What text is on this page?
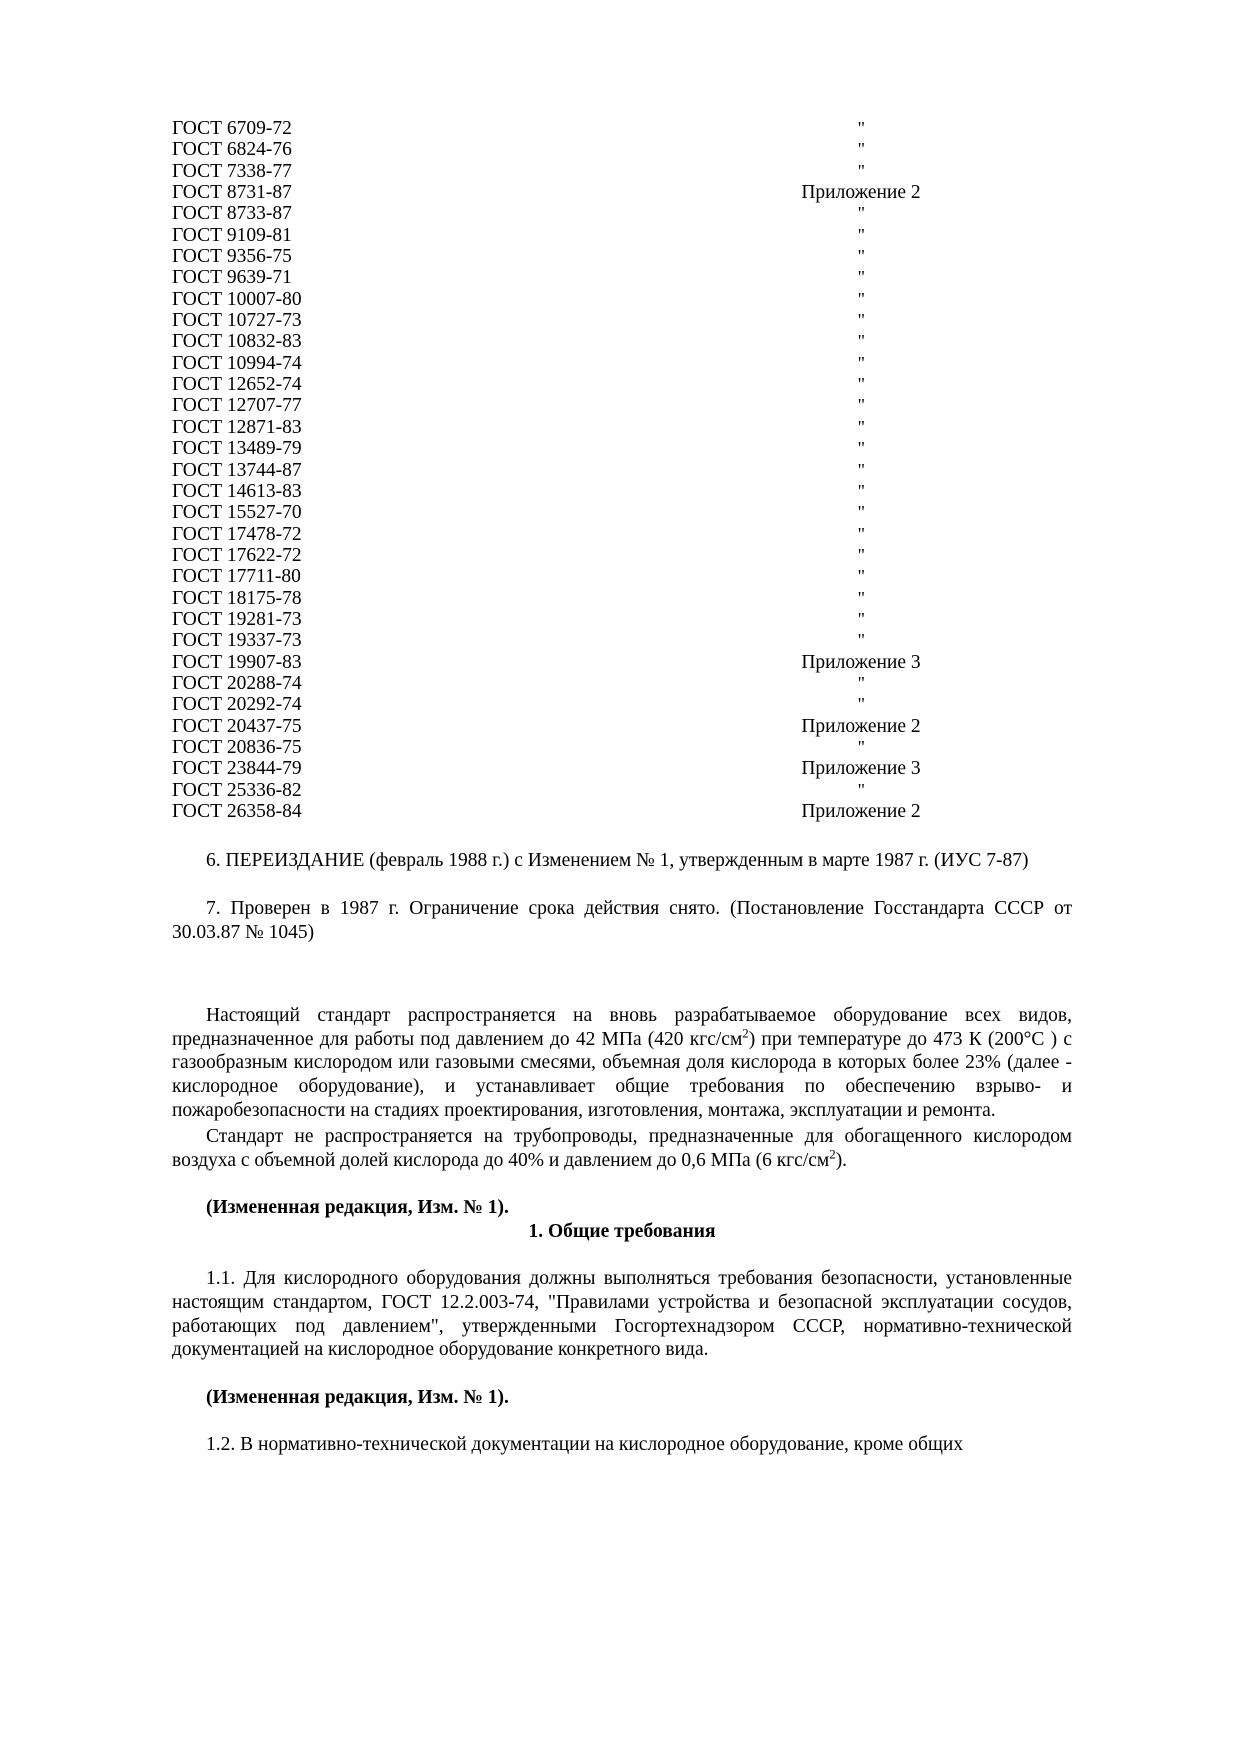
ГОСТ 6709-72	"
ГОСТ 6824-76	"
ГОСТ 7338-77	"
ГОСТ 8731-87	Приложение 2
ГОСТ 8733-87	"
ГОСТ 9109-81	"
ГОСТ 9356-75	"
ГОСТ 9639-71	"
ГОСТ 10007-80	"
ГОСТ 10727-73	"
ГОСТ 10832-83	"
ГОСТ 10994-74	"
ГОСТ 12652-74	"
ГОСТ 12707-77	"
ГОСТ 12871-83	"
ГОСТ 13489-79	"
ГОСТ 13744-87	"
ГОСТ 14613-83	"
ГОСТ 15527-70	"
ГОСТ 17478-72	"
ГОСТ 17622-72	"
ГОСТ 17711-80	"
ГОСТ 18175-78	"
ГОСТ 19281-73	"
ГОСТ 19337-73	"
ГОСТ 19907-83	Приложение 3
ГОСТ 20288-74	"
ГОСТ 20292-74	"
ГОСТ 20437-75	Приложение 2
ГОСТ 20836-75	"
ГОСТ 23844-79	Приложение 3
ГОСТ 25336-82	"
ГОСТ 26358-84	Приложение 2

6. ПЕРЕИЗДАНИЕ (февраль 1988 г.) с Изменением № 1, утвержденным в марте 1987 г. (ИУС 7-87)

7. Проверен в 1987 г. Ограничение срока действия снято. (Постановление Госстандарта СССР от 30.03.87 № 1045)

Настоящий стандарт распространяется на вновь разрабатываемое оборудование всех видов, предназначенное для работы под давлением до 42 МПа (420 кгс/$см^2$) при температуре до 473 К (200°С ) с газообразным кислородом или газовыми смесями, объемная доля кислорода в которых более 23% (далее - кислородное оборудование), и устанавливает общие требования по обеспечению взрыво- и пожаробезопасности на стадиях проектирования, изготовления, монтажа, эксплуатации и ремонта.

Стандарт не распространяется на трубопроводы, предназначенные для обогащенного кислородом воздуха с объемной долей кислорода до 40% и давлением до 0,6 МПа (6 кгс/$см^2$).

(Измененная редакция, Изм. № 1).

1. Общие требования

1.1. Для кислородного оборудования должны выполняться требования безопасности, установленные настоящим стандартом, ГОСТ 12.2.003-74, "Правилами устройства и безопасной эксплуатации сосудов, работающих под давлением", утвержденными Госгортехнадзором СССР, нормативно-технической документацией на кислородное оборудование конкретного вида.

(Измененная редакция, Изм. № 1).

1.2. В нормативно-технической документации на кислородное оборудование, кроме общих
